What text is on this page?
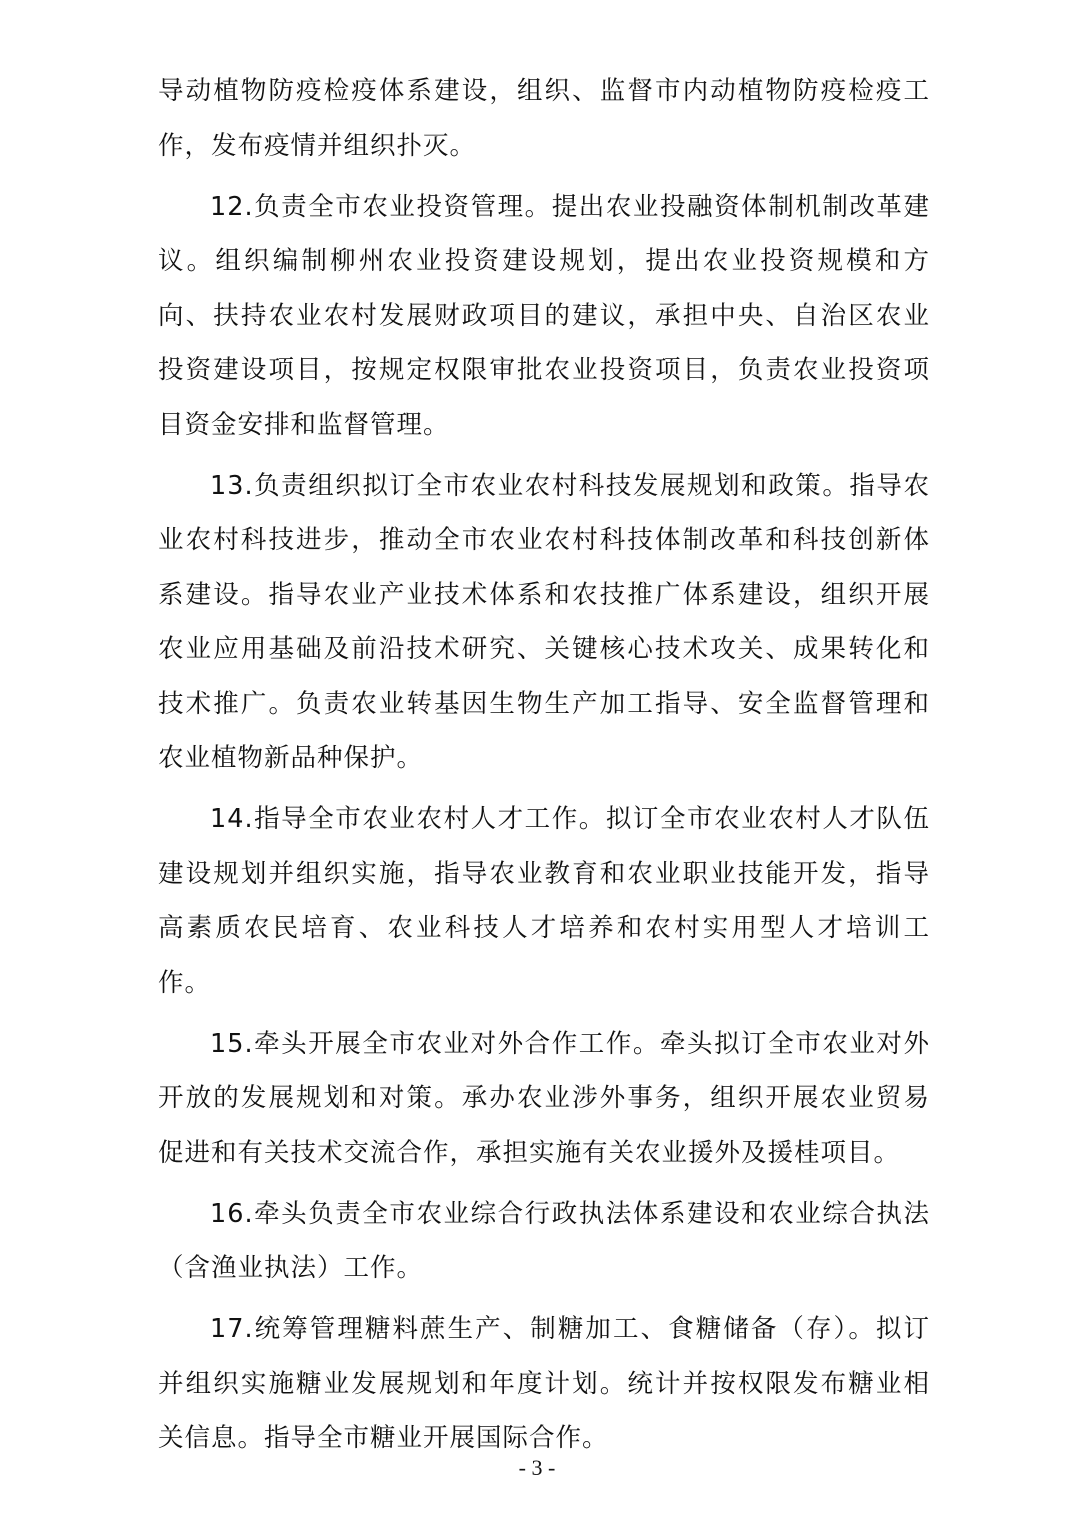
导动植物防疫检疫体系建设，组织、监督市内动植物防疫检疫工
作，发布疫情并组织扑灭。
12.负责全市农业投资管理。提出农业投融资体制机制改革建
议。组织编制柳州农业投资建设规划，提出农业投资规模和方
向、扶持农业农村发展财政项目的建议，承担中央、自治区农业
投资建设项目，按规定权限审批农业投资项目，负责农业投资项
目资金安排和监督管理。
13.负责组织拟订全市农业农村科技发展规划和政策。指导农
业农村科技进步，推动全市农业农村科技体制改革和科技创新体
系建设。指导农业产业技术体系和农技推广体系建设，组织开展
农业应用基础及前沿技术研究、关键核心技术攻关、成果转化和
技术推广。负责农业转基因生物生产加工指导、安全监督管理和
农业植物新品种保护。
14.指导全市农业农村人才工作。拟订全市农业农村人才队伍
建设规划并组织实施，指导农业教育和农业职业技能开发，指导
高素质农民培育、农业科技人才培养和农村实用型人才培训工
作。
15.牵头开展全市农业对外合作工作。牵头拟订全市农业对外
开放的发展规划和对策。承办农业涉外事务，组织开展农业贸易
促进和有关技术交流合作，承担实施有关农业援外及援桂项目。
16.牵头负责全市农业综合行政执法体系建设和农业综合执法
（含渔业执法）工作。
17.统筹管理糖料蔗生产、制糖加工、食糖储备（存）。拟订
并组织实施糖业发展规划和年度计划。统计并按权限发布糖业相
关信息。指导全市糖业开展国际合作。
- 3 -
